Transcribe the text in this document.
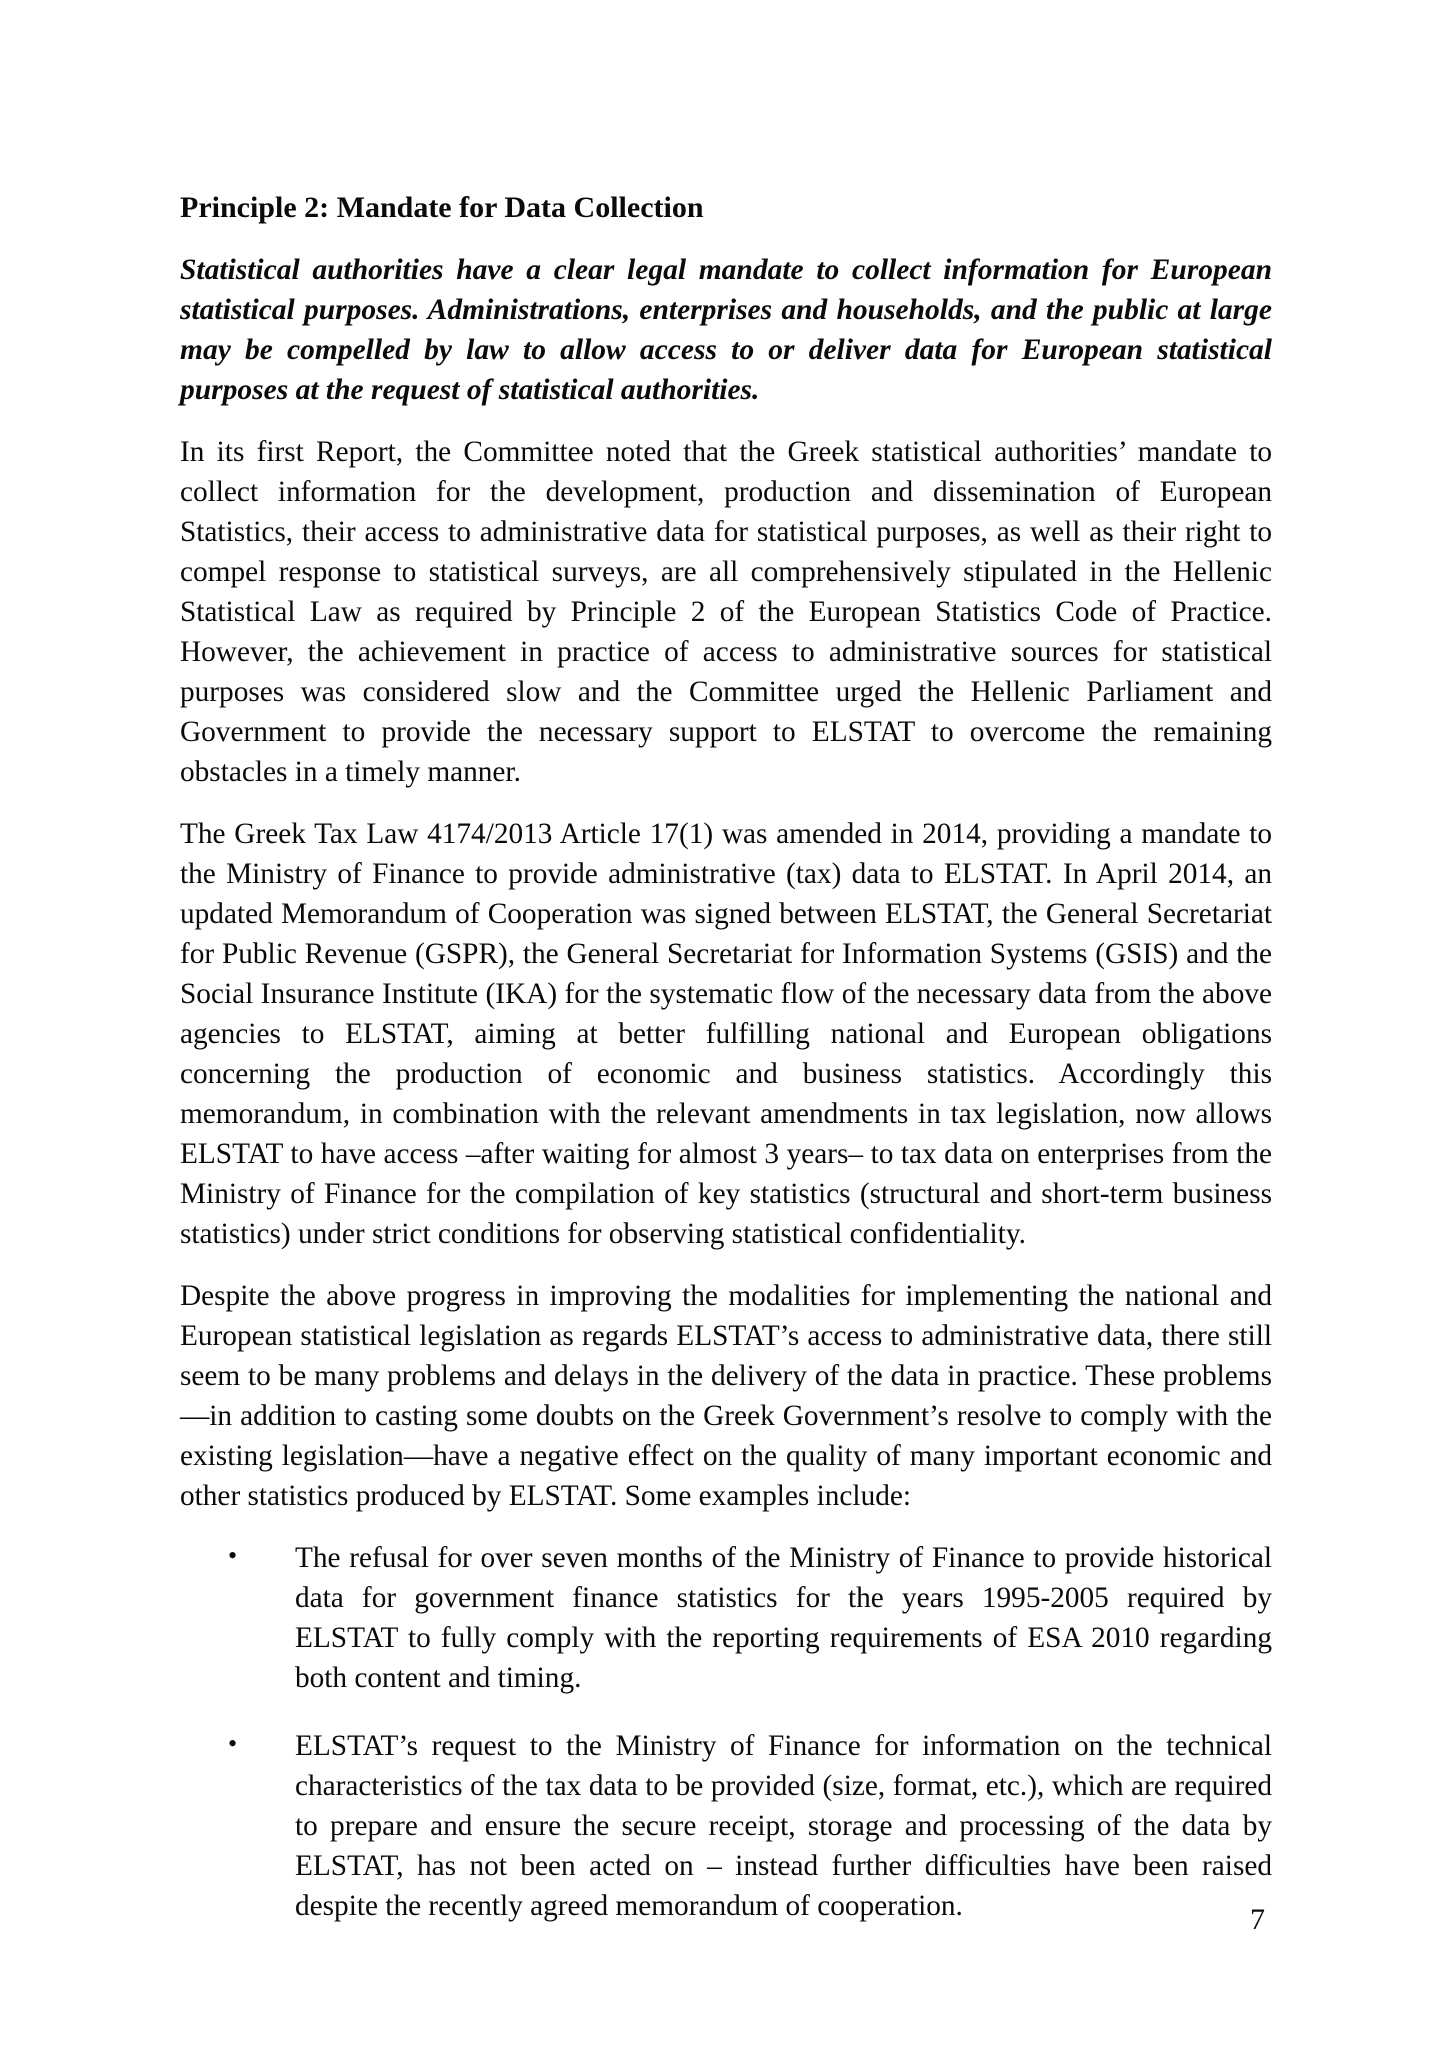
Principle 2: Mandate for Data Collection

Statistical authorities have a clear legal mandate to collect information for European statistical purposes. Administrations, enterprises and households, and the public at large may be compelled by law to allow access to or deliver data for European statistical purposes at the request of statistical authorities.

In its first Report, the Committee noted that the Greek statistical authorities’ mandate to collect information for the development, production and dissemination of European Statistics, their access to administrative data for statistical purposes, as well as their right to compel response to statistical surveys, are all comprehensively stipulated in the Hellenic Statistical Law as required by Principle 2 of the European Statistics Code of Practice. However, the achievement in practice of access to administrative sources for statistical purposes was considered slow and the Committee urged the Hellenic Parliament and Government to provide the necessary support to ELSTAT to overcome the remaining obstacles in a timely manner.

The Greek Tax Law 4174/2013 Article 17(1) was amended in 2014, providing a mandate to the Ministry of Finance to provide administrative (tax) data to ELSTAT. In April 2014, an updated Memorandum of Cooperation was signed between ELSTAT, the General Secretariat for Public Revenue (GSPR), the General Secretariat for Information Systems (GSIS) and the Social Insurance Institute (IKA) for the systematic flow of the necessary data from the above agencies to ELSTAT, aiming at better fulfilling national and European obligations concerning the production of economic and business statistics. Accordingly this memorandum, in combination with the relevant amendments in tax legislation, now allows ELSTAT to have access –after waiting for almost 3 years– to tax data on enterprises from the Ministry of Finance for the compilation of key statistics (structural and short-term business statistics) under strict conditions for observing statistical confidentiality.

Despite the above progress in improving the modalities for implementing the national and European statistical legislation as regards ELSTAT’s access to administrative data, there still seem to be many problems and delays in the delivery of the data in practice. These problems—in addition to casting some doubts on the Greek Government’s resolve to comply with the existing legislation—have a negative effect on the quality of many important economic and other statistics produced by ELSTAT. Some examples include:

• The refusal for over seven months of the Ministry of Finance to provide historical data for government finance statistics for the years 1995-2005 required by ELSTAT to fully comply with the reporting requirements of ESA 2010 regarding both content and timing.
• ELSTAT’s request to the Ministry of Finance for information on the technical characteristics of the tax data to be provided (size, format, etc.), which are required to prepare and ensure the secure receipt, storage and processing of the data by ELSTAT, has not been acted on – instead further difficulties have been raised despite the recently agreed memorandum of cooperation.	7
